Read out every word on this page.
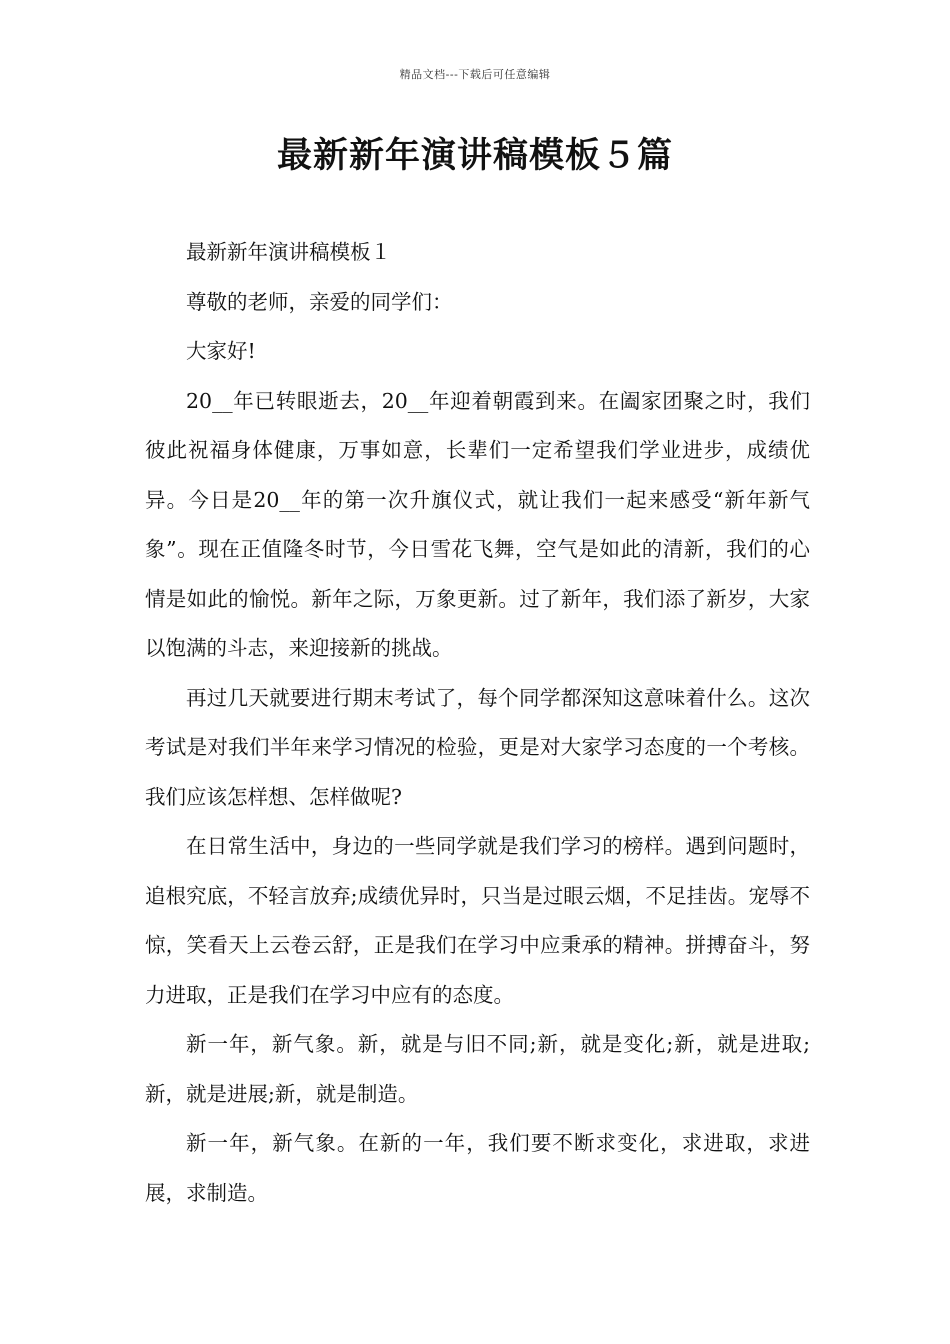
精品文档---下载后可任意编辑
最新新年演讲稿模板５篇

最新新年演讲稿模板１

尊敬的老师，亲爱的同学们：

大家好!

20__年已转眼逝去，20__年迎着朝霞到来。在阖家团聚之时，我们彼此祝福身体健康，万事如意，长辈们一定希望我们学业进步，成绩优异。今日是20__年的第一次升旗仪式，就让我们一起来感受“新年新气象”。现在正值隆冬时节，今日雪花飞舞，空气是如此的清新，我们的心情是如此的愉悦。新年之际，万象更新。过了新年，我们添了新岁，大家以饱满的斗志，来迎接新的挑战。

再过几天就要进行期末考试了，每个同学都深知这意味着什么。这次考试是对我们半年来学习情况的检验，更是对大家学习态度的一个考核。我们应该怎样想、怎样做呢?

在日常生活中，身边的一些同学就是我们学习的榜样。遇到问题时，追根究底，不轻言放弃;成绩优异时，只当是过眼云烟，不足挂齿。宠辱不惊，笑看天上云卷云舒，正是我们在学习中应秉承的精神。拼搏奋斗，努力进取，正是我们在学习中应有的态度。

新一年，新气象。新，就是与旧不同;新，就是变化;新，就是进取;新，就是进展;新，就是制造。

新一年，新气象。在新的一年，我们要不断求变化，求进取，求进展，求制造。
